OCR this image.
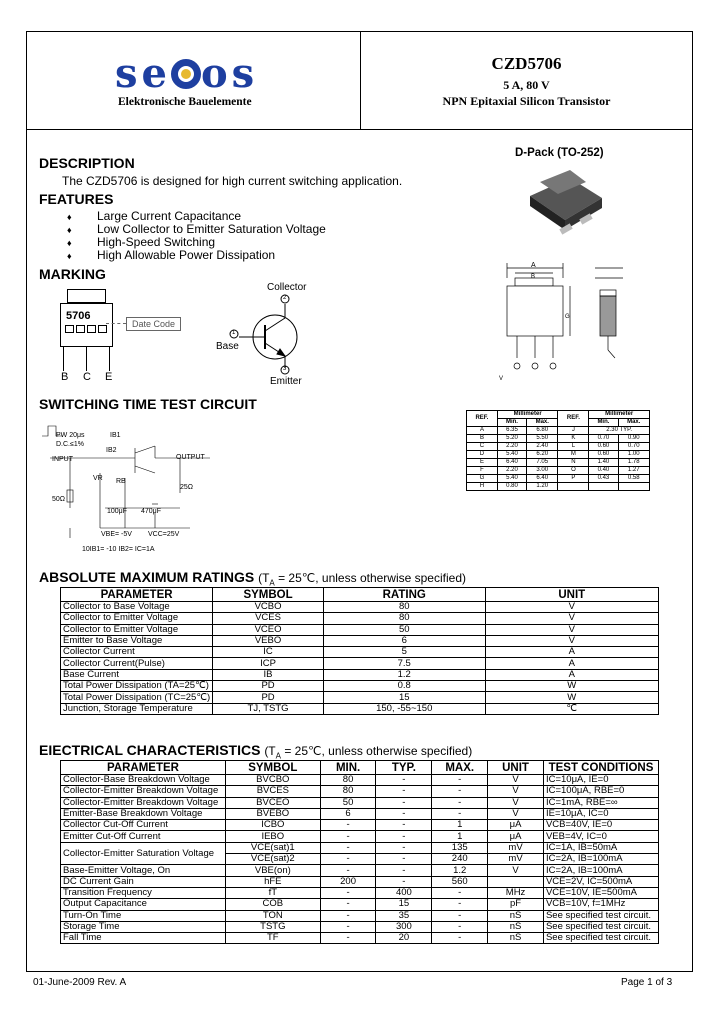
se os
Elektronische Bauelemente
CZD5706
5 A, 80 V
NPN Epitaxial Silicon Transistor
DESCRIPTION
The CZD5706 is designed for high current switching application.
FEATURES
♦ Large Current Capacitance
♦ Low Collector to Emitter Saturation Voltage
♦ High-Speed Switching
♦ High Allowable Power Dissipation
MARKING
D-Pack (TO-252)
A
B
G
V
5706
Date Code
B C E
Collector
2
1
3
Base
Emitter
SWITCHING TIME TEST CIRCUIT
PW 20μs
D.C.≤1%
INPUT	OUTPUT
IB1
IB2
VR RB
50Ω
25Ω
100μF 470μF
VBE= -5V VCC=25V
10IB1= -10 IB2= IC=1A
REF.	Millimeter		REF.	Millimeter	
	Min.	Max.		Min.	Max.
A	6.35	6.80	J	2.30 TYP.	
B	5.20	5.50	K	0.70	0.90
C	2.20	2.40	L	0.60	0.70
D	5.40	6.20	M	0.60	1.00
E	6.40	7.05	N	1.40	1.78
F	2.20	3.00	O	0.40	1.27
G	5.40	6.40	P	0.43	0.58
H	0.80	1.20			
ABSOLUTE MAXIMUM RATINGS ($T_A$ = 25℃, unless otherwise specified)
PARAMETER	SYMBOL	RATING	UNIT
Collector to Base Voltage	VCBO	80	V
Collector to Emitter Voltage	VCES	80	V
Collector to Emitter Voltage	VCEO	50	V
Emitter to Base Voltage	VEBO	6	V
Collector Current	IC	5	A
Collector Current(Pulse)	ICP	7.5	A
Base Current	IB	1.2	A
Total Power Dissipation (TA=25℃)	PD	0.8	W
Total Power Dissipation (TC=25℃)	PD	15	W
Junction, Storage Temperature	TJ, TSTG	150, -55~150	℃
EIECTRICAL CHARACTERISTICS ($T_A$ = 25℃, unless otherwise specified)
PARAMETER	SYMBOL	MIN.	TYP.	MAX.	UNIT	TEST CONDITIONS
Collector-Base Breakdown Voltage	BVCBO	80	-	-	V	IC=10μA, IE=0
Collector-Emitter Breakdown Voltage	BVCES	80	-	-	V	IC=100μA, RBE=0
Collector-Emitter Breakdown Voltage	BVCEO	50	-	-	V	IC=1mA, RBE=∞
Emitter-Base Breakdown Voltage	BVEBO	6	-	-	V	IE=10μA, IC=0
Collector Cut-Off Current	ICBO	-	-	1	μA	VCB=40V, IE=0
Emitter Cut-Off Current	IEBO	-	-	1	μA	VEB=4V, IC=0
Collector-Emitter Saturation Voltage	VCE(sat)1	-	-	135	mV	IC=1A, IB=50mA
	VCE(sat)2	-	-	240	mV	IC=2A, IB=100mA
Base-Emitter Voltage, On	VBE(on)	-	-	1.2	V	IC=2A, IB=100mA
DC Current Gain	hFE	200	-	560		VCE=2V, IC=500mA
Transition Frequency	fT	-	400	-	MHz	VCE=10V, IE=500mA
Output Capacitance	COB	-	15	-	pF	VCB=10V, f=1MHz
Turn-On Time	TON	-	35	-	nS	See specified test circuit.
Storage Time	TSTG	-	300	-	nS	See specified test circuit.
Fall Time	TF	-	20	-	nS	See specified test circuit.
01-June-2009 Rev. A	Page 1 of 3
